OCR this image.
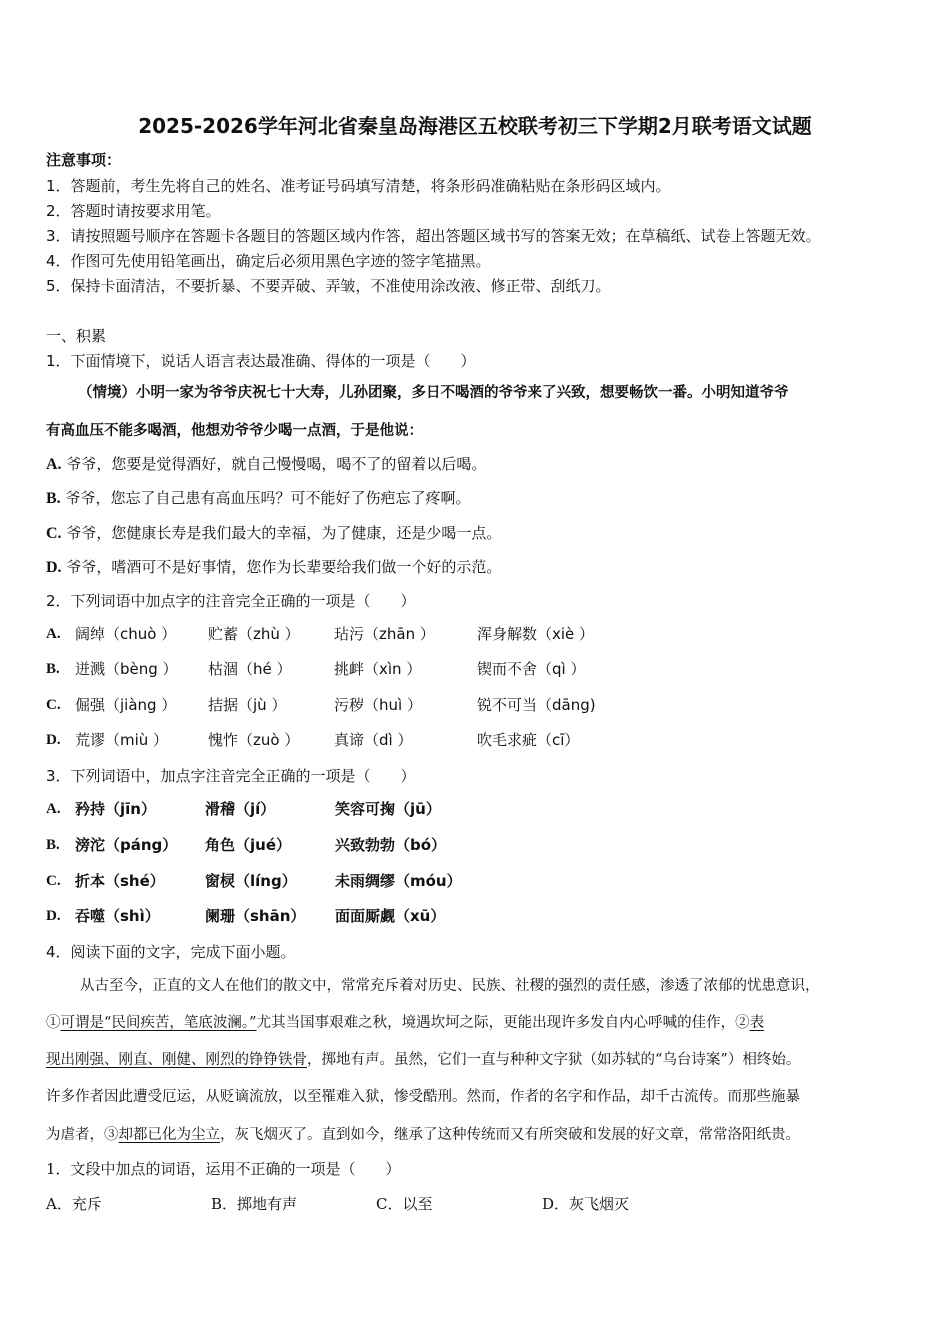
2025-2026学年河北省秦皇岛海港区五校联考初三下学期2月联考语文试题
注意事项：
1．答题前，考生先将自己的姓名、准考证号码填写清楚，将条形码准确粘贴在条形码区域内。
2．答题时请按要求用笔。
3．请按照题号顺序在答题卡各题目的答题区域内作答，超出答题区域书写的答案无效；在草稿纸、试卷上答题无效。
4．作图可先使用铅笔画出，确定后必须用黑色字迹的签字笔描黑。
5．保持卡面清洁，不要折暴、不要弄破、弄皱，不准使用涂改液、修正带、刮纸刀。
一、积累
1．下面情境下，说话人语言表达最准确、得体的一项是（　　）
（情境）小明一家为爷爷庆祝七十大寿，儿孙团聚，多日不喝酒的爷爷来了兴致，想要畅饮一番。小明知道爷爷
有高血压不能多喝酒，他想劝爷爷少喝一点酒，于是他说：
A. 爷爷，您要是觉得酒好，就自己慢慢喝，喝不了的留着以后喝。
B. 爷爷，您忘了自己患有高血压吗？可不能好了伤疤忘了疼啊。
C. 爷爷，您健康长寿是我们最大的幸福，为了健康，还是少喝一点。
D. 爷爷，嗜酒可不是好事情，您作为长辈要给我们做一个好的示范。
2．下列词语中加点字的注音完全正确的一项是（　　）
A. 阔绰（chuò ） 贮蓄（zhù ） 玷污（zhān ）	浑身解数（xiè ）
B. 迸溅（bèng ） 枯涸（hé ）	挑衅（xìn ）	锲而不舍（qì ）
C. 倔强（jiàng ） 拮据（jù ）	污秽（huì ）	锐不可当（dāng)
D. 荒谬（miù ）	愧怍（zuò ） 真谛（dì ）	吹毛求疵（cī）
3．下列词语中，加点字注音完全正确的一项是（　　）
A. 矜持（jīn）	滑稽（jí）	笑容可掬（jū）
B. 滂沱（páng） 角色（jué）	兴致勃勃（bó）
C. 折本（shé）	窗棂（líng）	未雨绸缪（móu）
D. 吞噬（shì）	阑珊（shān） 面面厮觑（xū）
4．阅读下面的文字，完成下面小题。
从古至今，正直的文人在他们的散文中，常常充斥着对历史、民族、社稷的强烈的责任感，渗透了浓郁的忧患意识，
①可谓是“民间疾苦，笔底波澜。”尤其当国事艰难之秋，境遇坎坷之际，更能出现许多发自内心呼喊的佳作，②表
现出刚强、刚直、刚健、刚烈的铮铮铁骨，掷地有声。虽然，它们一直与种种文字狱（如苏轼的“乌台诗案”）相终始。
许多作者因此遭受厄运，从贬谪流放，以至罹难入狱，惨受酷刑。然而，作者的名字和作品，却千古流传。而那些施暴
为虐者，③却都已化为尘立，灰飞烟灭了。直到如今，继承了这种传统而又有所突破和发展的好文章，常常洛阳纸贵。
1．文段中加点的词语，运用不正确的一项是（　　）
A．充斥	B．掷地有声	C．以至	D．灰飞烟灭
